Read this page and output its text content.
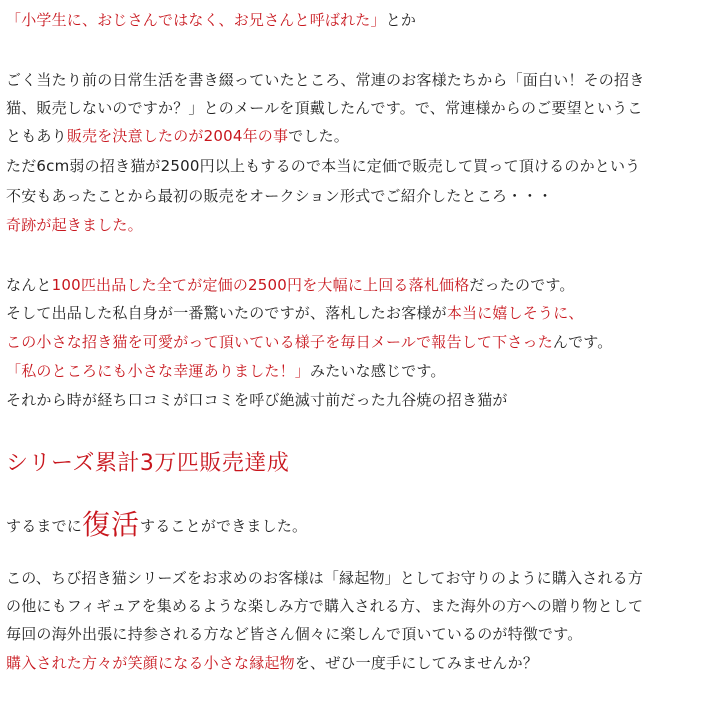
「小学生に、おじさんではなく、お兄さんと呼ばれた」とか
ごく当たり前の日常生活を書き綴っていたところ、常連のお客様たちから「面白い！その招き
猫、販売しないのですか？」とのメールを頂戴したんです。で、常連様からのご要望というこ
ともあり販売を決意したのが2004年の事でした。
ただ6cm弱の招き猫が2500円以上もするので本当に定価で販売して買って頂けるのかという
不安もあったことから最初の販売をオークション形式でご紹介したところ・・・
奇跡が起きました。
なんと100匹出品した全てが定価の2500円を大幅に上回る落札価格だったのです。
そして出品した私自身が一番驚いたのですが、落札したお客様が本当に嬉しそうに、
この小さな招き猫を可愛がって頂いている様子を毎日メールで報告して下さったんです。
「私のところにも小さな幸運ありました！」みたいな感じです。
それから時が経ち口コミが口コミを呼び絶滅寸前だった九谷焼の招き猫が
シリーズ累計3万匹販売達成
するまでに復活することができました。
この、ちび招き猫シリーズをお求めのお客様は「縁起物」としてお守りのように購入される方
の他にもフィギュアを集めるような楽しみ方で購入される方、また海外の方への贈り物として
毎回の海外出張に持参される方など皆さん個々に楽しんで頂いているのが特徴です。
購入された方々が笑顔になる小さな縁起物を、ぜひ一度手にしてみませんか？
